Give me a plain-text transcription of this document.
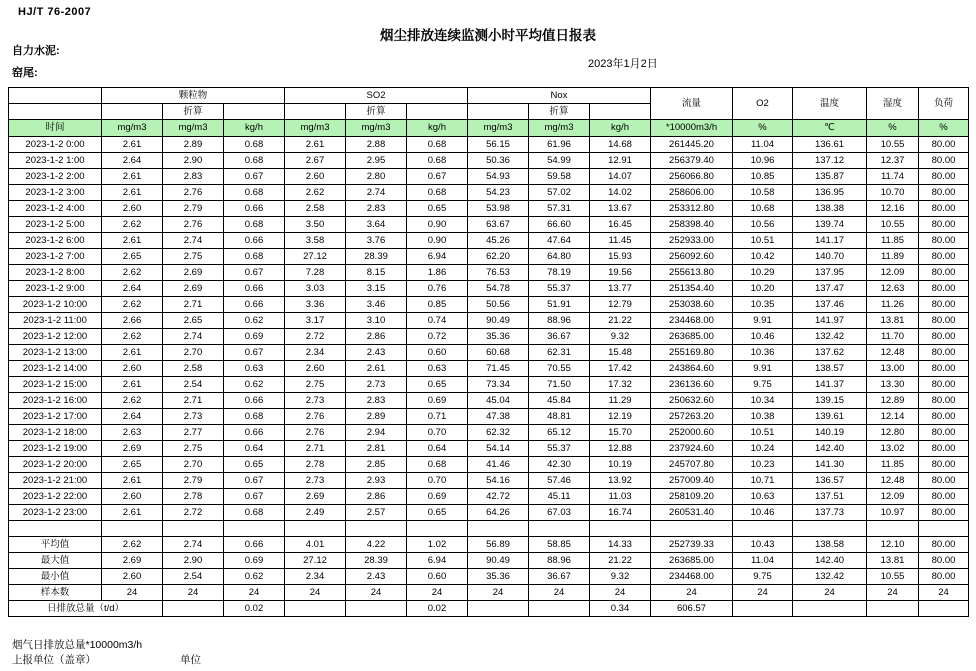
HJ/T 76-2007
烟尘排放连续监测小时平均值日报表
自力水泥:
窑尾:
2023年1月2日
	颗粒物			SO2			Nox			流量	O2	温度	湿度	负荷
		折算			折算			折算						
时间	mg/m3	mg/m3	kg/h	mg/m3	mg/m3	kg/h	mg/m3	mg/m3	kg/h	*10000m3/h	%	℃	%	%
2023-1-2 0:00	2.61	2.89	0.68	2.61	2.88	0.68	56.15	61.96	14.68	261445.20	11.04	136.61	10.55	80.00
2023-1-2 1:00	2.64	2.90	0.68	2.67	2.95	0.68	50.36	54.99	12.91	256379.40	10.96	137.12	12.37	80.00
2023-1-2 2:00	2.61	2.83	0.67	2.60	2.80	0.67	54.93	59.58	14.07	256066.80	10.85	135.87	11.74	80.00
2023-1-2 3:00	2.61	2.76	0.68	2.62	2.74	0.68	54.23	57.02	14.02	258606.00	10.58	136.95	10.70	80.00
2023-1-2 4:00	2.60	2.79	0.66	2.58	2.83	0.65	53.98	57.31	13.67	253312.80	10.68	138.38	12.16	80.00
2023-1-2 5:00	2.62	2.76	0.68	3.50	3.64	0.90	63.67	66.60	16.45	258398.40	10.56	139.74	10.55	80.00
2023-1-2 6:00	2.61	2.74	0.66	3.58	3.76	0.90	45.26	47.64	11.45	252933.00	10.51	141.17	11.85	80.00
2023-1-2 7:00	2.65	2.75	0.68	27.12	28.39	6.94	62.20	64.80	15.93	256092.60	10.42	140.70	11.89	80.00
2023-1-2 8:00	2.62	2.69	0.67	7.28	8.15	1.86	76.53	78.19	19.56	255613.80	10.29	137.95	12.09	80.00
2023-1-2 9:00	2.64	2.69	0.66	3.03	3.15	0.76	54.78	55.37	13.77	251354.40	10.20	137.47	12.63	80.00
2023-1-2 10:00	2.62	2.71	0.66	3.36	3.46	0.85	50.56	51.91	12.79	253038.60	10.35	137.46	11.26	80.00
2023-1-2 11:00	2.66	2.65	0.62	3.17	3.10	0.74	90.49	88.96	21.22	234468.00	9.91	141.97	13.81	80.00
2023-1-2 12:00	2.62	2.74	0.69	2.72	2.86	0.72	35.36	36.67	9.32	263685.00	10.46	132.42	11.70	80.00
2023-1-2 13:00	2.61	2.70	0.67	2.34	2.43	0.60	60.68	62.31	15.48	255169.80	10.36	137.62	12.48	80.00
2023-1-2 14:00	2.60	2.58	0.63	2.60	2.61	0.63	71.45	70.55	17.42	243864.60	9.91	138.57	13.00	80.00
2023-1-2 15:00	2.61	2.54	0.62	2.75	2.73	0.65	73.34	71.50	17.32	236136.60	9.75	141.37	13.30	80.00
2023-1-2 16:00	2.62	2.71	0.66	2.73	2.83	0.69	45.04	45.84	11.29	250632.60	10.34	139.15	12.89	80.00
2023-1-2 17:00	2.64	2.73	0.68	2.76	2.89	0.71	47.38	48.81	12.19	257263.20	10.38	139.61	12.14	80.00
2023-1-2 18:00	2.63	2.77	0.66	2.76	2.94	0.70	62.32	65.12	15.70	252000.60	10.51	140.19	12.80	80.00
2023-1-2 19:00	2.69	2.75	0.64	2.71	2.81	0.64	54.14	55.37	12.88	237924.60	10.24	142.40	13.02	80.00
2023-1-2 20:00	2.65	2.70	0.65	2.78	2.85	0.68	41.46	42.30	10.19	245707.80	10.23	141.30	11.85	80.00
2023-1-2 21:00	2.61	2.79	0.67	2.73	2.93	0.70	54.16	57.46	13.92	257009.40	10.71	136.57	12.48	80.00
2023-1-2 22:00	2.60	2.78	0.67	2.69	2.86	0.69	42.72	45.11	11.03	258109.20	10.63	137.51	12.09	80.00
2023-1-2 23:00	2.61	2.72	0.68	2.49	2.57	0.65	64.26	67.03	16.74	260531.40	10.46	137.73	10.97	80.00

平均值	2.62	2.74	0.66	4.01	4.22	1.02	56.89	58.85	14.33	252739.33	10.43	138.58	12.10	80.00
最大值	2.69	2.90	0.69	27.12	28.39	6.94	90.49	88.96	21.22	263685.00	11.04	142.40	13.81	80.00
最小值	2.60	2.54	0.62	2.34	2.43	0.60	35.36	36.67	9.32	234468.00	9.75	132.42	10.55	80.00
样本数	24	24	24	24	24	24	24	24	24	24	24	24	24	24
日排放总量（t/d）			0.02			0.02			0.34	606.57				
烟气日排放总量*10000m3/h
上报单位（盖章）	单位
